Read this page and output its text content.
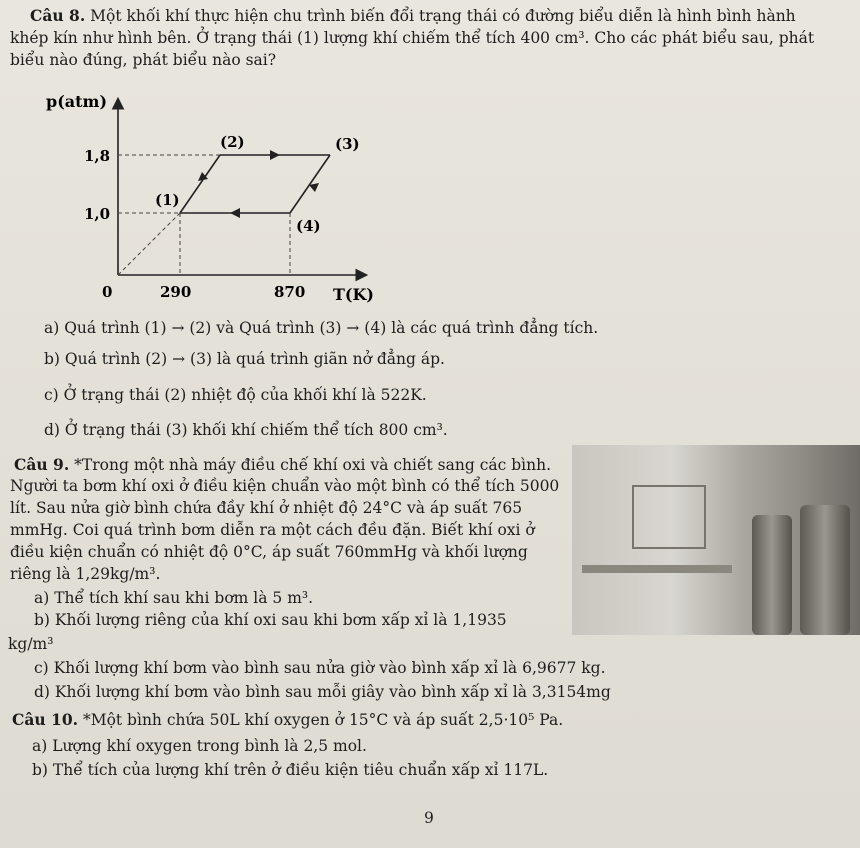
Câu 8. Một khối khí thực hiện chu trình biến đổi trạng thái có đường biểu diễn là hình bình hành
khép kín như hình bên. Ở trạng thái (1) lượng khí chiếm thể tích 400 cm³. Cho các phát biểu sau, phát
biểu nào đúng, phát biểu nào sai?
p(atm)
T(K)
1,8
1,0
0	290	870
(1)
(2)	(3)
(4)
a) Quá trình (1) → (2) và Quá trình (3) → (4) là các quá trình đẳng tích.
b) Quá trình (2) → (3) là quá trình giãn nở đẳng áp.
c) Ở trạng thái (2) nhiệt độ của khối khí là 522K.
d) Ở trạng thái (3) khối khí chiếm thể tích 800 cm³.
Câu 9. *Trong một nhà máy điều chế khí oxi và chiết sang các bình.
Người ta bơm khí oxi ở điều kiện chuẩn vào một bình có thể tích 5000
lít. Sau nửa giờ bình chứa đầy khí ở nhiệt độ 24°C và áp suất 765
mmHg. Coi quá trình bơm diễn ra một cách đều đặn. Biết khí oxi ở
điều kiện chuẩn có nhiệt độ 0°C, áp suất 760mmHg và khối lượng
riêng là 1,29kg/m³.
a) Thể tích khí sau khi bơm là 5 m³.
b) Khối lượng riêng của khí oxi sau khi bơm xấp xỉ là 1,1935
kg/m³
c) Khối lượng khí bơm vào bình sau nửa giờ vào bình xấp xỉ là 6,9677 kg.
d) Khối lượng khí bơm vào bình sau mỗi giây vào bình xấp xỉ là 3,3154mg
Câu 10. *Một bình chứa 50L khí oxygen ở 15°C và áp suất 2,5·10⁵ Pa.
a) Lượng khí oxygen trong bình là 2,5 mol.
b) Thể tích của lượng khí trên ở điều kiện tiêu chuẩn xấp xỉ 117L.
9
